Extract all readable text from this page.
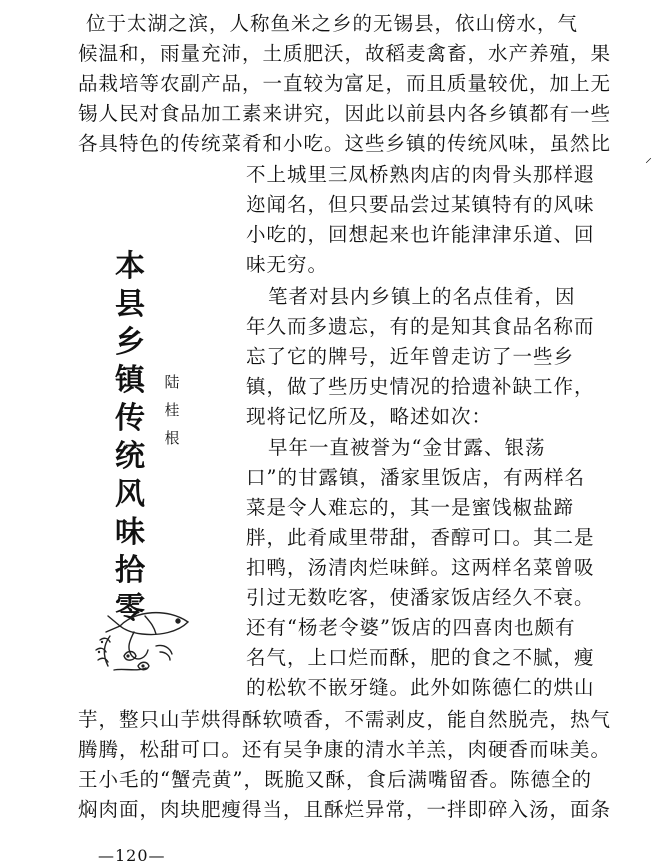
位于太湖之滨，人称鱼米之乡的无锡县，依山傍水，气
候温和，雨量充沛，土质肥沃，故稻麦禽畜，水产养殖，果
品栽培等农副产品，一直较为富足，而且质量较优，加上无
锡人民对食品加工素来讲究，因此以前县内各乡镇都有一些
各具特色的传统菜肴和小吃。这些乡镇的传统风味，虽然比
不上城里三凤桥熟肉店的肉骨头那样遐
迩闻名，但只要品尝过某镇特有的风味
小吃的，回想起来也许能津津乐道、回
味无穷。
笔者对县内乡镇上的名点佳肴，因
年久而多遗忘，有的是知其食品名称而
忘了它的牌号，近年曾走访了一些乡
镇，做了些历史情况的拾遗补缺工作，
现将记忆所及，略述如次：
早年一直被誉为“金甘露、银荡
口”的甘露镇，潘家里饭店，有两样名
菜是令人难忘的，其一是蜜饯椒盐蹄
胖，此肴咸里带甜，香醇可口。其二是
扣鸭，汤清肉烂味鲜。这两样名菜曾吸
引过无数吃客，使潘家饭店经久不衰。
还有“杨老令婆”饭店的四喜肉也颇有
名气，上口烂而酥，肥的食之不腻，瘦
的松软不嵌牙缝。此外如陈德仁的烘山
芋，整只山芋烘得酥软喷香，不需剥皮，能自然脱壳，热气
腾腾，松甜可口。还有吴争康的清水羊羔，肉硬香而味美。
王小毛的“蟹壳黄”，既脆又酥，食后满嘴留香。陈德全的
焖肉面，肉块肥瘦得当，且酥烂异常，一拌即碎入汤，面条
本
县
乡
镇
传
统
风
味
拾
零
陆
桂
根
⸝
—120—
